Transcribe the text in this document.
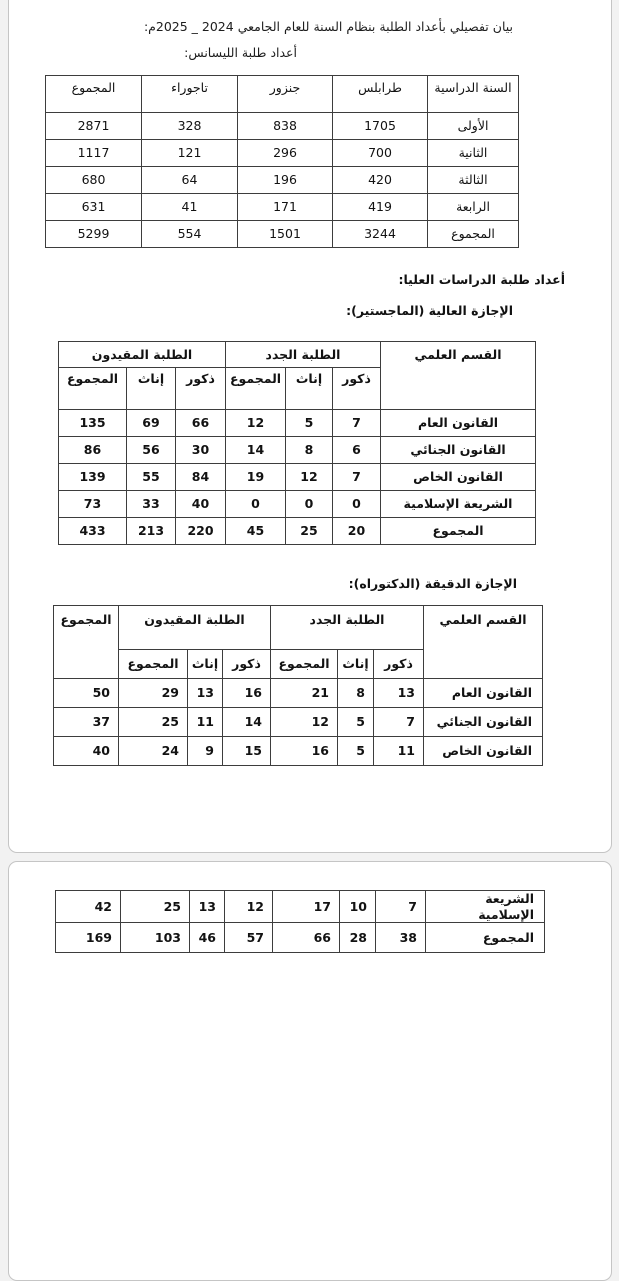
بيان تفصيلي بأعداد الطلبة بنظام السنة للعام الجامعي 2024 _ 2025م:
أعداد طلبة الليسانس:
السنة الدراسية	طرابلس	جنزور	تاجوراء	المجموع
الأولى	1705	838	328	2871
الثانية	700	296	121	1117
الثالثة	420	196	64	680
الرابعة	419	171	41	631
المجموع	3244	1501	554	5299
أعداد طلبة الدراسات العليا:
الإجازة العالية (الماجستير):
القسم العلمي	الطلبة الجدد			الطلبة المقيدون		
	ذكور	إناث	المجموع	ذكور	إناث	المجموع
القانون العام	7	5	12	66	69	135
القانون الجنائي	6	8	14	30	56	86
القانون الخاص	7	12	19	84	55	139
الشريعة الإسلامية	0	0	0	40	33	73
المجموع	20	25	45	220	213	433
الإجازة الدقيقة (الدكتوراه):
القسم العلمي	الطلبة الجدد			الطلبة المقيدون			المجموع
	ذكور	إناث	المجموع	ذكور	إناث	المجموع	
القانون العام	13	8	21	16	13	29	50
القانون الجنائي	7	5	12	14	11	25	37
القانون الخاص	11	5	16	15	9	24	40
الشريعة الإسلامية	7	10	17	12	13	25	42
المجموع	38	28	66	57	46	103	169
